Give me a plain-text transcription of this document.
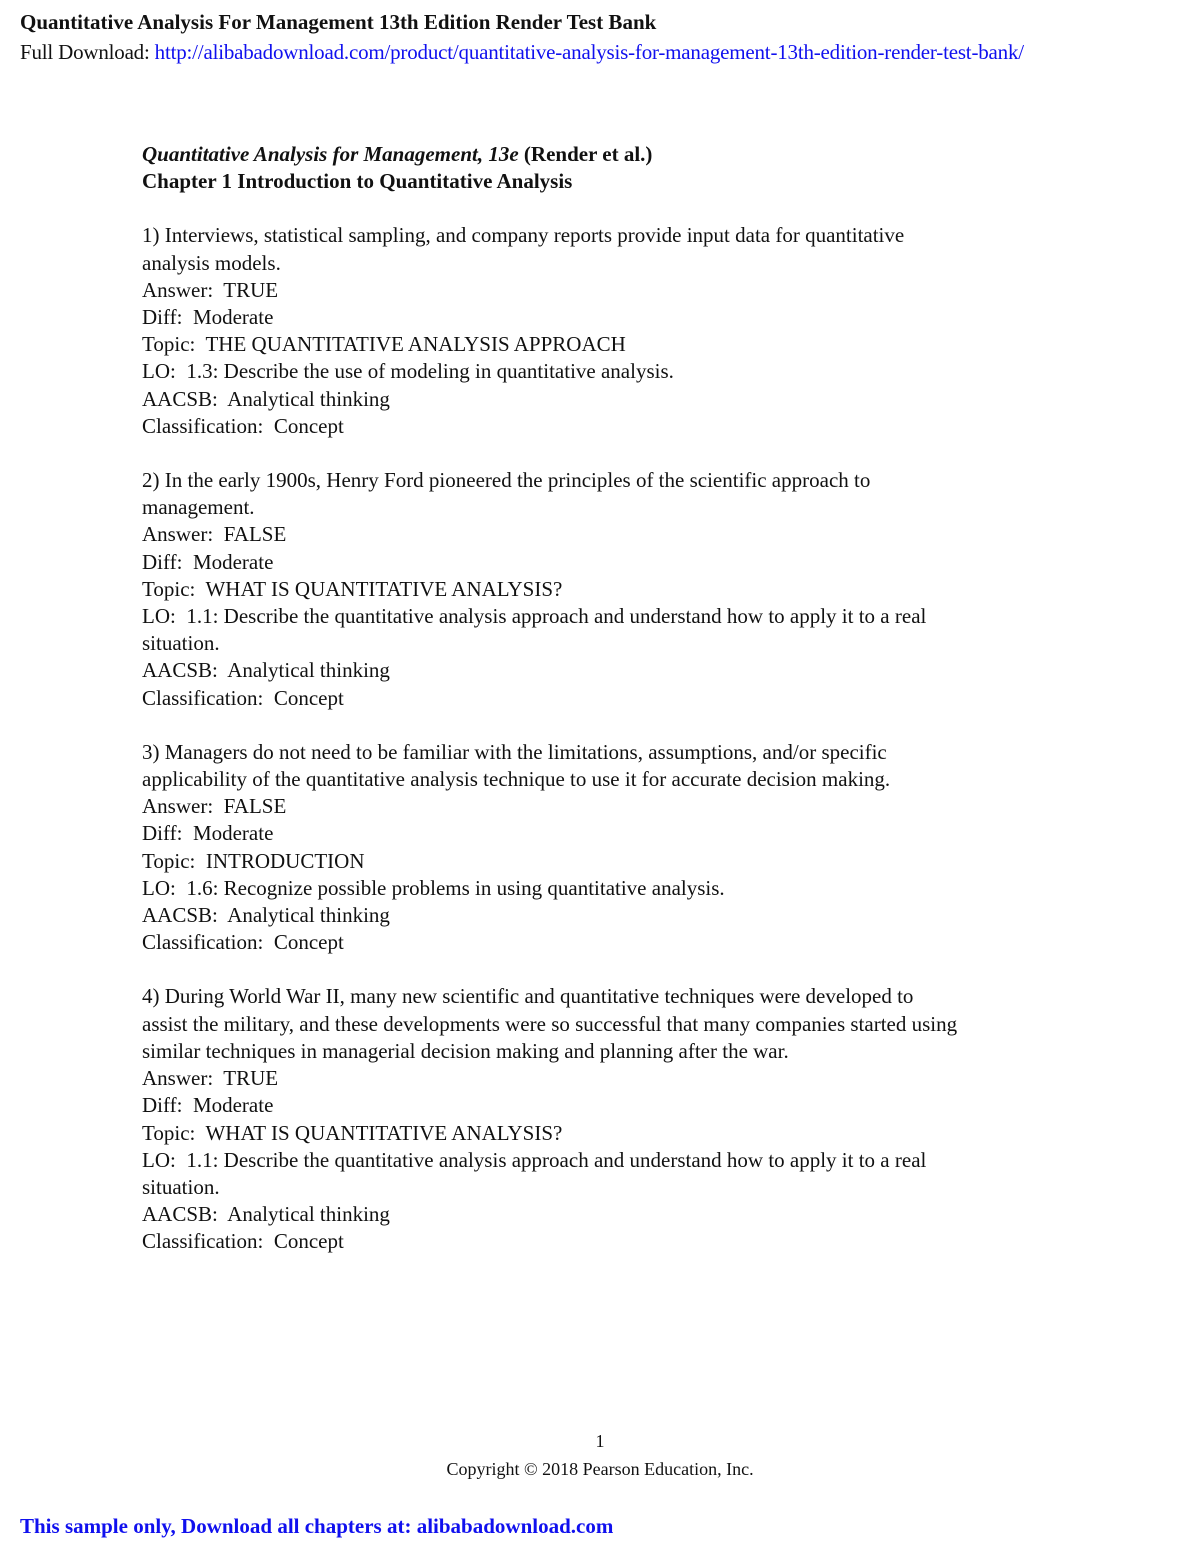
Quantitative Analysis For Management 13th Edition Render Test Bank
Full Download: http://alibabadownload.com/product/quantitative-analysis-for-management-13th-edition-render-test-bank/
Quantitative Analysis for Management, 13e (Render et al.)
Chapter 1 Introduction to Quantitative Analysis
1) Interviews, statistical sampling, and company reports provide input data for quantitative
analysis models.
Answer:  TRUE
Diff:  Moderate
Topic:  THE QUANTITATIVE ANALYSIS APPROACH
LO:  1.3: Describe the use of modeling in quantitative analysis.
AACSB:  Analytical thinking
Classification:  Concept
2) In the early 1900s, Henry Ford pioneered the principles of the scientific approach to
management.
Answer:  FALSE
Diff:  Moderate
Topic:  WHAT IS QUANTITATIVE ANALYSIS?
LO:  1.1: Describe the quantitative analysis approach and understand how to apply it to a real
situation.
AACSB:  Analytical thinking
Classification:  Concept
3) Managers do not need to be familiar with the limitations, assumptions, and/or specific
applicability of the quantitative analysis technique to use it for accurate decision making.
Answer:  FALSE
Diff:  Moderate
Topic:  INTRODUCTION
LO:  1.6: Recognize possible problems in using quantitative analysis.
AACSB:  Analytical thinking
Classification:  Concept
4) During World War II, many new scientific and quantitative techniques were developed to
assist the military, and these developments were so successful that many companies started using
similar techniques in managerial decision making and planning after the war.
Answer:  TRUE
Diff:  Moderate
Topic:  WHAT IS QUANTITATIVE ANALYSIS?
LO:  1.1: Describe the quantitative analysis approach and understand how to apply it to a real
situation.
AACSB:  Analytical thinking
Classification:  Concept
1
Copyright © 2018 Pearson Education, Inc.
This sample only, Download all chapters at: alibabadownload.com
